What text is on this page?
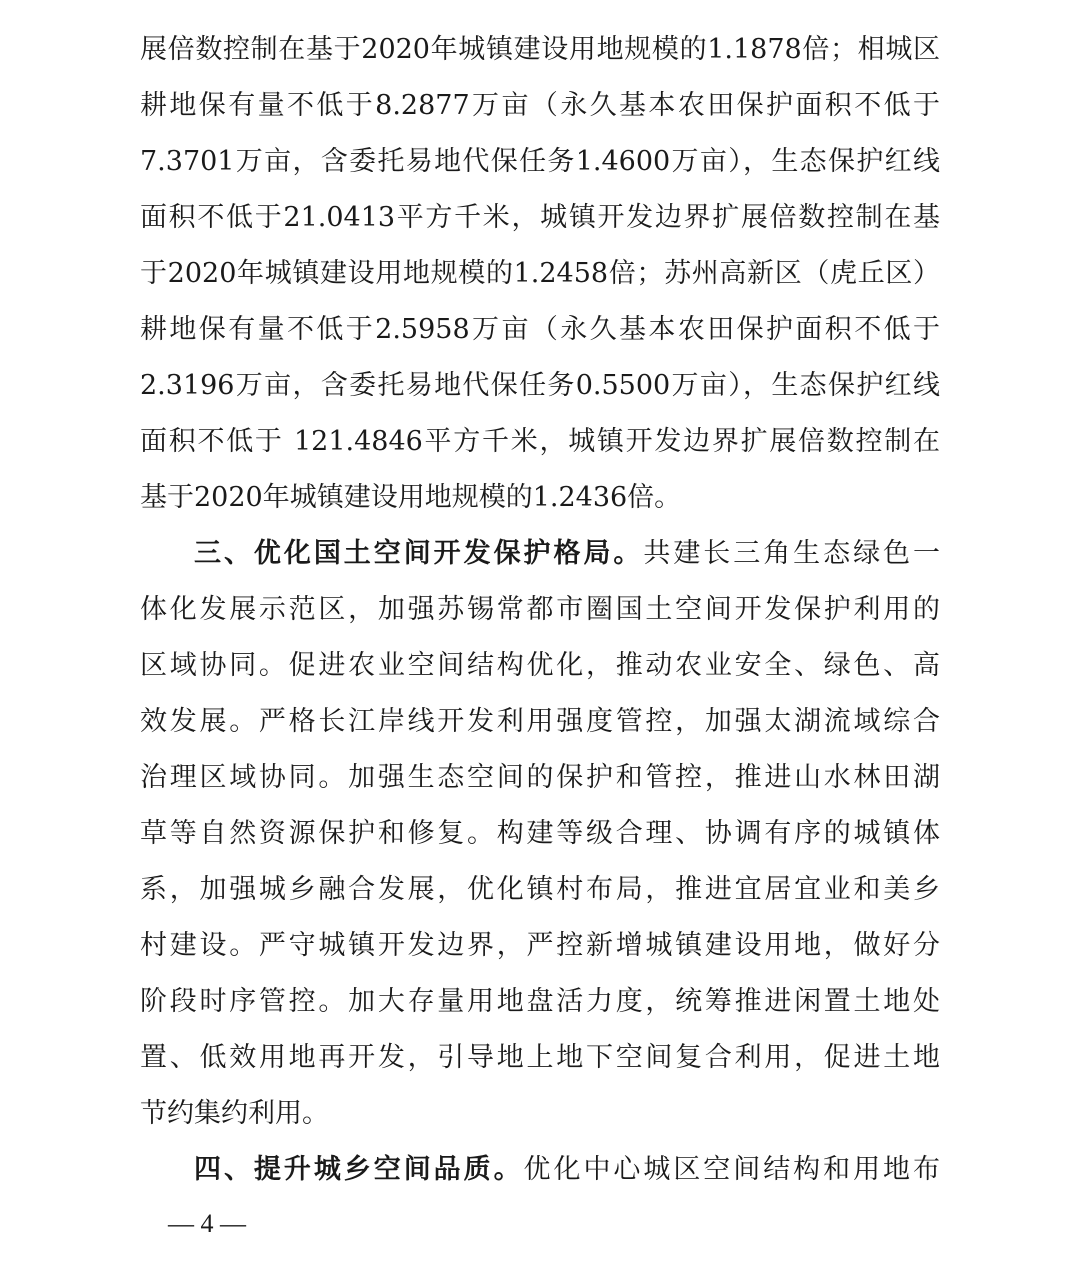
展倍数控制在基于2020年城镇建设用地规模的1.1878倍；相城区
耕地保有量不低于8.2877万亩（永久基本农田保护面积不低于
7.3701万亩，含委托易地代保任务1.4600万亩），生态保护红线
面积不低于21.0413平方千米，城镇开发边界扩展倍数控制在基
于2020年城镇建设用地规模的1.2458倍；苏州高新区（虎丘区）
耕地保有量不低于2.5958万亩（永久基本农田保护面积不低于
2.3196万亩，含委托易地代保任务0.5500万亩），生态保护红线
面积不低于 121.4846平方千米，城镇开发边界扩展倍数控制在
基于2020年城镇建设用地规模的1.2436倍。
三、优化国土空间开发保护格局。共建长三角生态绿色一
体化发展示范区，加强苏锡常都市圈国土空间开发保护利用的
区域协同。促进农业空间结构优化，推动农业安全、绿色、高
效发展。严格长江岸线开发利用强度管控，加强太湖流域综合
治理区域协同。加强生态空间的保护和管控，推进山水林田湖
草等自然资源保护和修复。构建等级合理、协调有序的城镇体
系，加强城乡融合发展，优化镇村布局，推进宜居宜业和美乡
村建设。严守城镇开发边界，严控新增城镇建设用地，做好分
阶段时序管控。加大存量用地盘活力度，统筹推进闲置土地处
置、低效用地再开发，引导地上地下空间复合利用，促进土地
节约集约利用。
四、提升城乡空间品质。优化中心城区空间结构和用地布
— 4 —
